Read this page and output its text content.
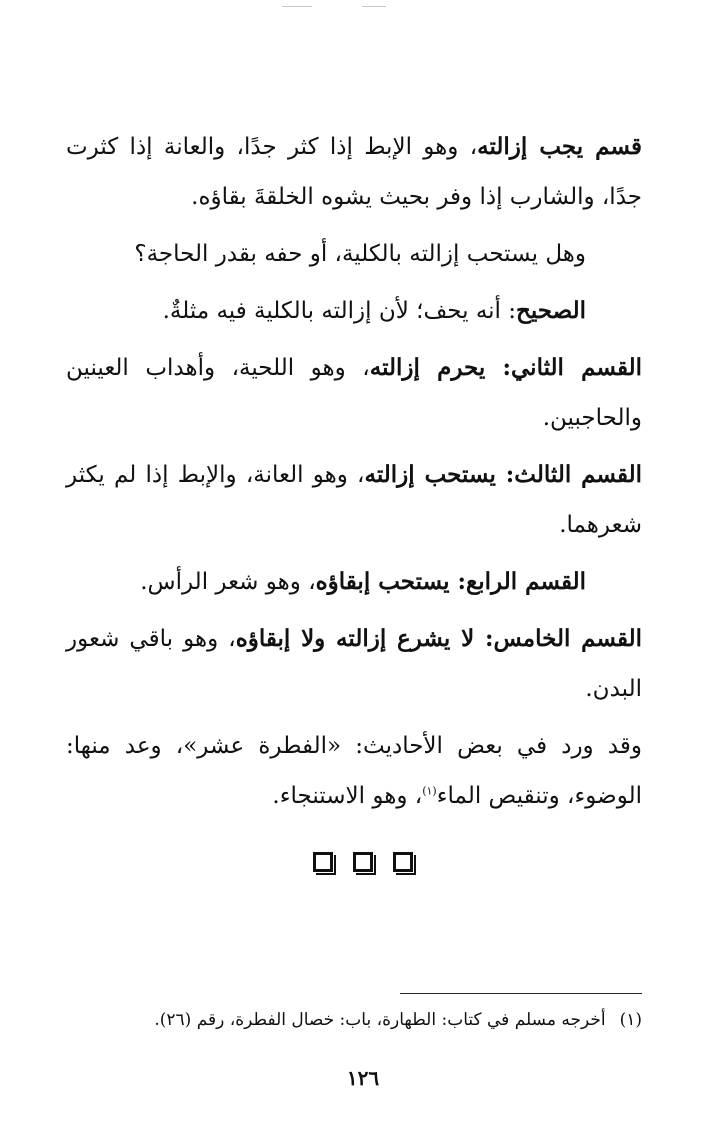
قسم يجب إزالته، وهو الإبط إذا كثر جدًا، والعانة إذا كثرت جدًا، والشارب إذا وفر بحيث يشوه الخلقةَ بقاؤه.

وهل يستحب إزالته بالكلية، أو حفه بقدر الحاجة؟

الصحيح: أنه يحف؛ لأن إزالته بالكلية فيه مثلةٌ.

القسم الثاني: يحرم إزالته، وهو اللحية، وأهداب العينين والحاجبين.

القسم الثالث: يستحب إزالته، وهو العانة، والإبط إذا لم يكثر شعرهما.

القسم الرابع: يستحب إبقاؤه، وهو شعر الرأس.

القسم الخامس: لا يشرع إزالته ولا إبقاؤه، وهو باقي شعور البدن.

وقد ورد في بعض الأحاديث: «الفطرة عشر»، وعد منها: الوضوء، وتنقيص الماء$^{(١)}$، وهو الاستنجاء.

(١)أخرجه مسلم في كتاب: الطهارة، باب: خصال الفطرة، رقم (٢٦).
١٢٦
